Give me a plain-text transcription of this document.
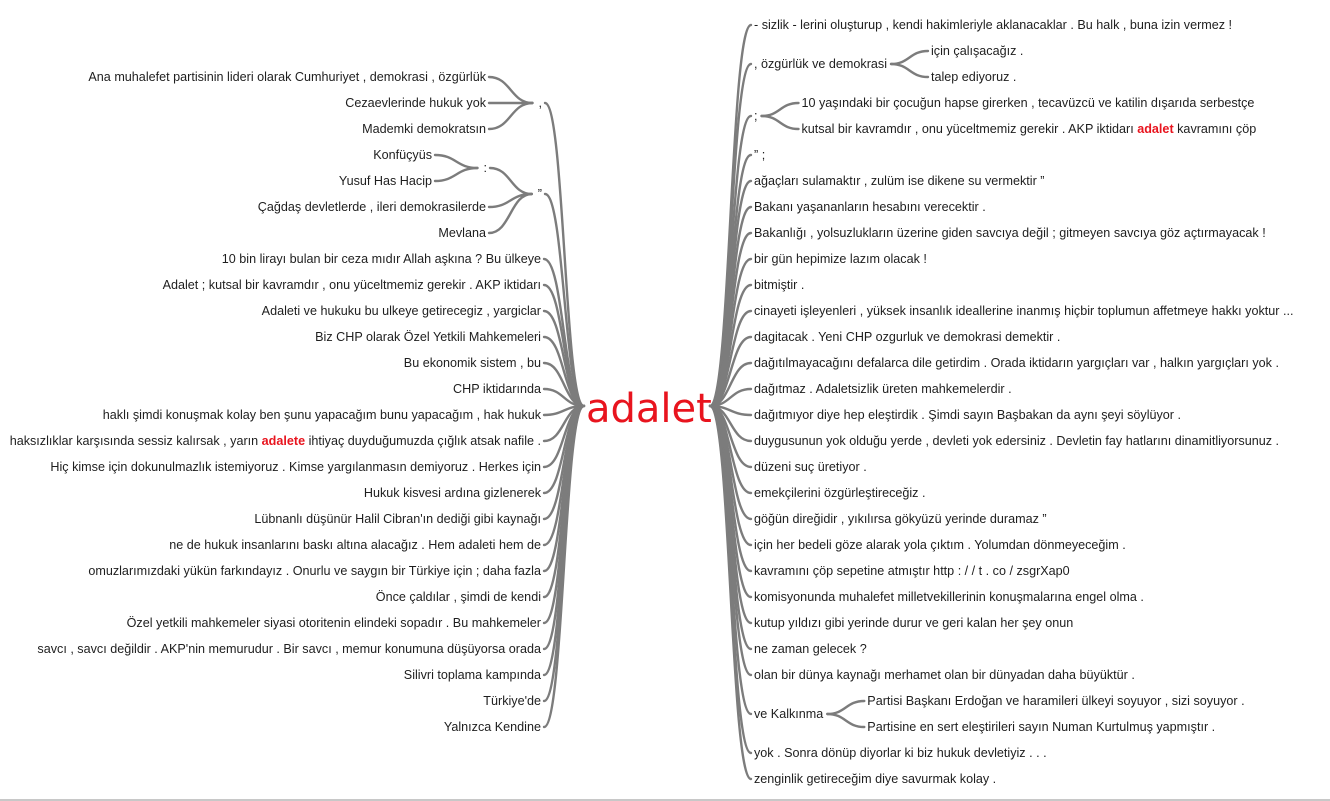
adalet
,
Ana muhalefet partisinin lideri olarak Cumhuriyet , demokrasi , özgürlük
Cezaevlerinde hukuk yok
Mademki demokratsın
”
:
Konfüçyüs
Yusuf Has Hacip
Çağdaş devletlerde , ileri demokrasilerde
Mevlana
10 bin lirayı bulan bir ceza mıdır Allah aşkına ? Bu ülkeye
Adalet ; kutsal bir kavramdır , onu yüceltmemiz gerekir . AKP iktidarı
Adaleti ve hukuku bu ulkeye getirecegiz , yargiclar
Biz CHP olarak Özel Yetkili Mahkemeleri
Bu ekonomik sistem , bu
CHP iktidarında
haklı şimdi konuşmak kolay ben şunu yapacağım bunu yapacağım , hak hukuk
haksızlıklar karşısında sessiz kalırsak , yarın adalete ihtiyaç duyduğumuzda çığlık atsak nafile .
Hiç kimse için dokunulmazlık istemiyoruz . Kimse yargılanmasın demiyoruz . Herkes için
Hukuk kisvesi ardına gizlenerek
Lübnanlı düşünür Halil Cibran'ın dediği gibi kaynağı
ne de hukuk insanlarını baskı altına alacağız . Hem adaleti hem de
omuzlarımızdaki yükün farkındayız . Onurlu ve saygın bir Türkiye için ; daha fazla
Önce çaldılar , şimdi de kendi
Özel yetkili mahkemeler siyasi otoritenin elindeki sopadır . Bu mahkemeler
savcı , savcı değildir . AKP'nin memurudur . Bir savcı , memur konumuna düşüyorsa orada
Silivri toplama kampında
Türkiye'de
Yalnızca Kendine
- sizlik - lerini oluşturup , kendi hakimleriyle aklanacaklar . Bu halk , buna izin vermez !
, özgürlük ve demokrasi
için çalışacağız .
talep ediyoruz .
;
10 yaşındaki bir çocuğun hapse girerken , tecavüzcü ve katilin dışarıda serbestçe
kutsal bir kavramdır , onu yüceltmemiz gerekir . AKP iktidarı adalet kavramını çöp
” ;
ağaçları sulamaktır , zulüm ise dikene su vermektir ”
Bakanı yaşananların hesabını verecektir .
Bakanlığı , yolsuzlukların üzerine giden savcıya değil ; gitmeyen savcıya göz açtırmayacak !
bir gün hepimize lazım olacak !
bitmiştir .
cinayeti işleyenleri , yüksek insanlık ideallerine inanmış hiçbir toplumun affetmeye hakkı yoktur ...
dagitacak . Yeni CHP ozgurluk ve demokrasi demektir .
dağıtılmayacağını defalarca dile getirdim . Orada iktidarın yargıçları var , halkın yargıçları yok .
dağıtmaz . Adaletsizlik üreten mahkemelerdir .
dağıtmıyor diye hep eleştirdik . Şimdi sayın Başbakan da aynı şeyi söylüyor .
duygusunun yok olduğu yerde , devleti yok edersiniz . Devletin fay hatlarını dinamitliyorsunuz .
düzeni suç üretiyor .
emekçilerini özgürleştireceğiz .
göğün direğidir , yıkılırsa gökyüzü yerinde duramaz ”
için her bedeli göze alarak yola çıktım . Yolumdan dönmeyeceğim .
kavramını çöp sepetine atmıştır http : / / t . co / zsgrXap0
komisyonunda muhalefet milletvekillerinin konuşmalarına engel olma .
kutup yıldızı gibi yerinde durur ve geri kalan her şey onun
ne zaman gelecek ?
olan bir dünya kaynağı merhamet olan bir dünyadan daha büyüktür .
ve Kalkınma
Partisi Başkanı Erdoğan ve haramileri ülkeyi soyuyor , sizi soyuyor .
Partisine en sert eleştirileri sayın Numan Kurtulmuş yapmıştır .
yok . Sonra dönüp diyorlar ki biz hukuk devletiyiz . . .
zenginlik getireceğim diye savurmak kolay .
